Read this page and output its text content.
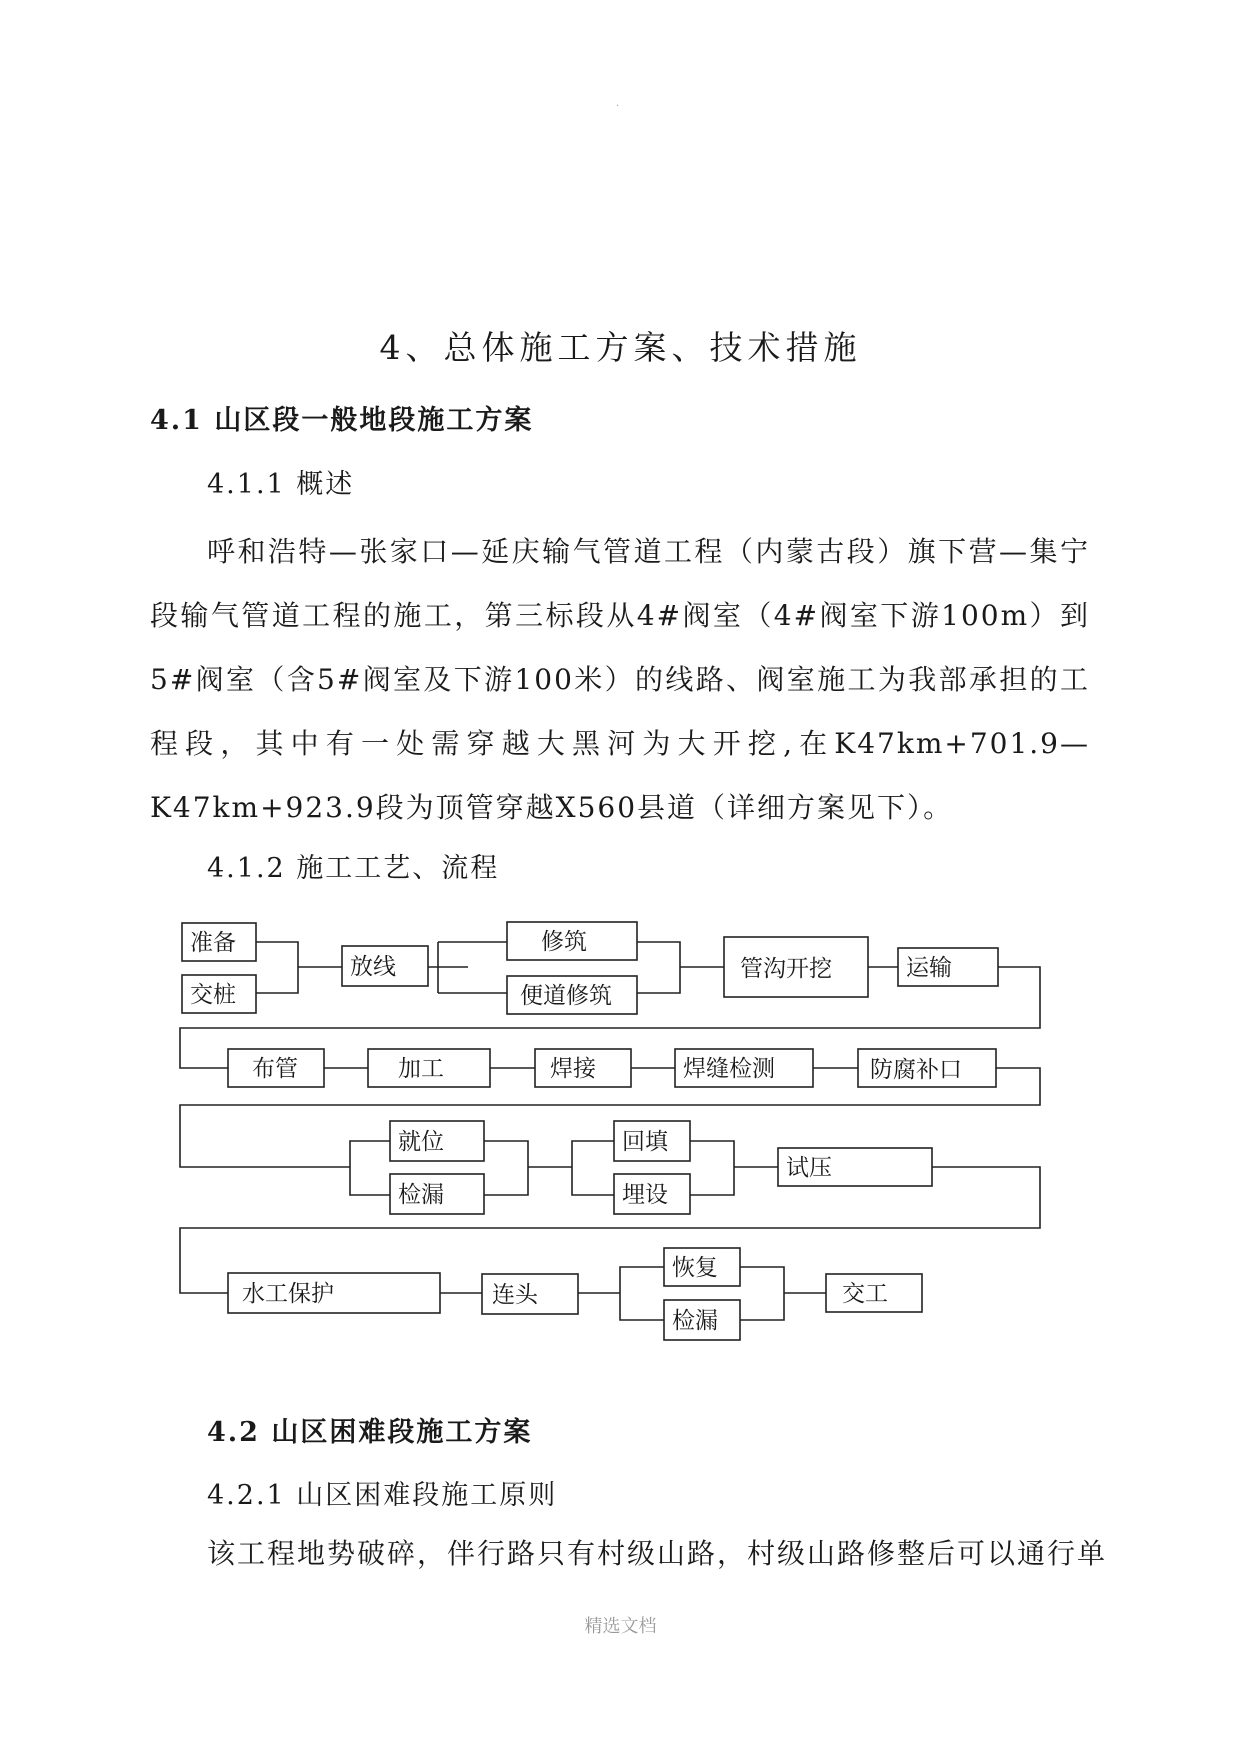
.
4、总体施工方案、技术措施
4.1 山区段一般地段施工方案
4.1.1 概述

呼和浩特—张家口—延庆输气管道工程（内蒙古段）旗下营—集宁段输气管道工程的施工，第三标段从4#阀室（4#阀室下游100m）到5#阀室（含5#阀室及下游100米）的线路、阀室施工为我部承担的工程段，其中有一处需穿越大黑河为大开挖,在K47km+701.9—K47km+923.9段为顶管穿越X560县道（详细方案见下）。

4.1.2 施工工艺、流程
准备
交桩
放线
修筑
便道修筑
管沟开挖	运输
布管	加工	焊接	焊缝检测	防腐补口
就位
检漏
回填
埋设
试压
水工保护	连头
恢复
检漏
交工
4.2 山区困难段施工方案
4.2.1 山区困难段施工原则

该工程地势破碎，伴行路只有村级山路，村级山路修整后可以通行单

精选文档
